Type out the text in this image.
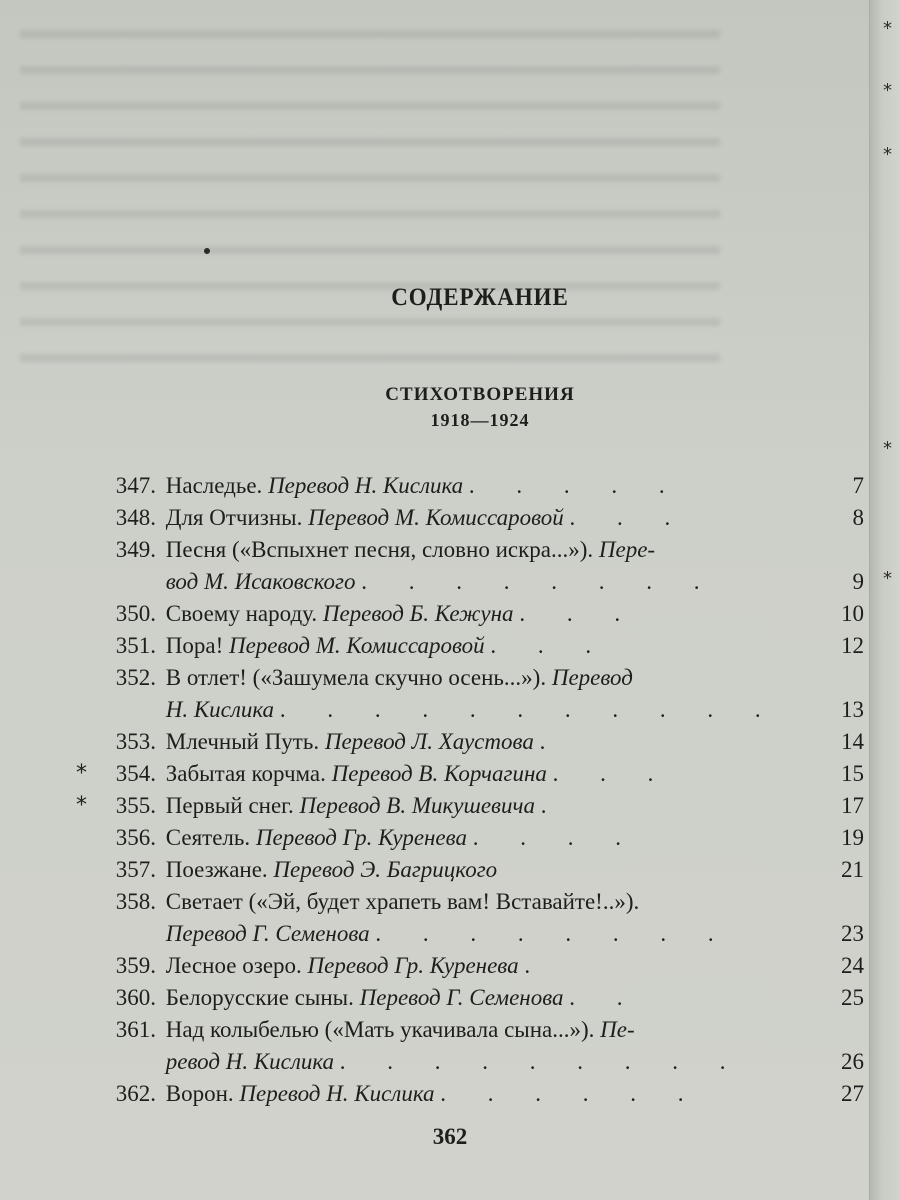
*
*
*
*
*
СОДЕРЖАНИЕ
СТИХОТВОРЕНИЯ
1918—1924
347. Наследье. Перевод Н. Кислика . . . . .	7
348. Для Отчизны. Перевод М. Комиссаровой . . .	8
349. Песня («Вспыхнет песня, словно искра...»). Пере-
вод М. Исаковского . . . . . . . .	9
350. Своему народу. Перевод Б. Кежуна . . .	10
351. Пора! Перевод М. Комиссаровой . . .	12
352. В отлет! («Зашумела скучно осень...»). Перевод
Н. Кислика . . . . . . . . . . .	13
353. Млечный Путь. Перевод Л. Хаустова .	14
*	354. Забытая корчма. Перевод В. Корчагина . . .	15
*	355. Первый снег. Перевод В. Микушевича .	17
356. Сеятель. Перевод Гр. Куренева . . . .	19
357. Поезжане. Перевод Э. Багрицкого	21
358. Светает («Эй, будет храпеть вам! Вставайте!..»).
Перевод Г. Семенова . . . . . . . .	23
359. Лесное озеро. Перевод Гр. Куренева .	24
360. Белорусские сыны. Перевод Г. Семенова . .	25
361. Над колыбелью («Мать укачивала сына...»). Пе-
ревод Н. Кислика . . . . . . . . .	26
362. Ворон. Перевод Н. Кислика . . . . . .	27
362
